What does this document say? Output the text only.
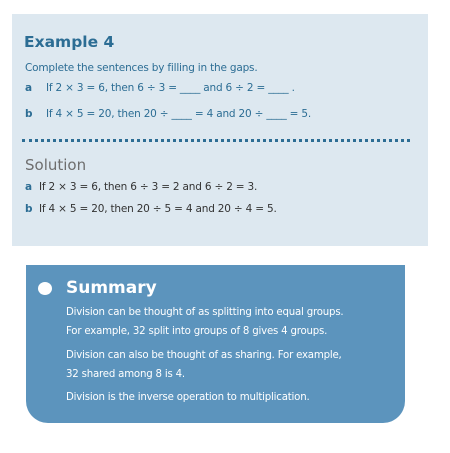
Example 4
Complete the sentences by filling in the gaps.
a If 2 × 3 = 6, then 6 ÷ 3 = ____ and 6 ÷ 2 = ____ .
b If 4 × 5 = 20, then 20 ÷ ____ = 4 and 20 ÷ ____ = 5.
Solution
a If 2 × 3 = 6, then 6 ÷ 3 = 2 and 6 ÷ 2 = 3.
b If 4 × 5 = 20, then 20 ÷ 5 = 4 and 20 ÷ 4 = 5.
Summary
Division can be thought of as splitting into equal groups.
For example, 32 split into groups of 8 gives 4 groups.
Division can also be thought of as sharing. For example,
32 shared among 8 is 4.
Division is the inverse operation to multiplication.
